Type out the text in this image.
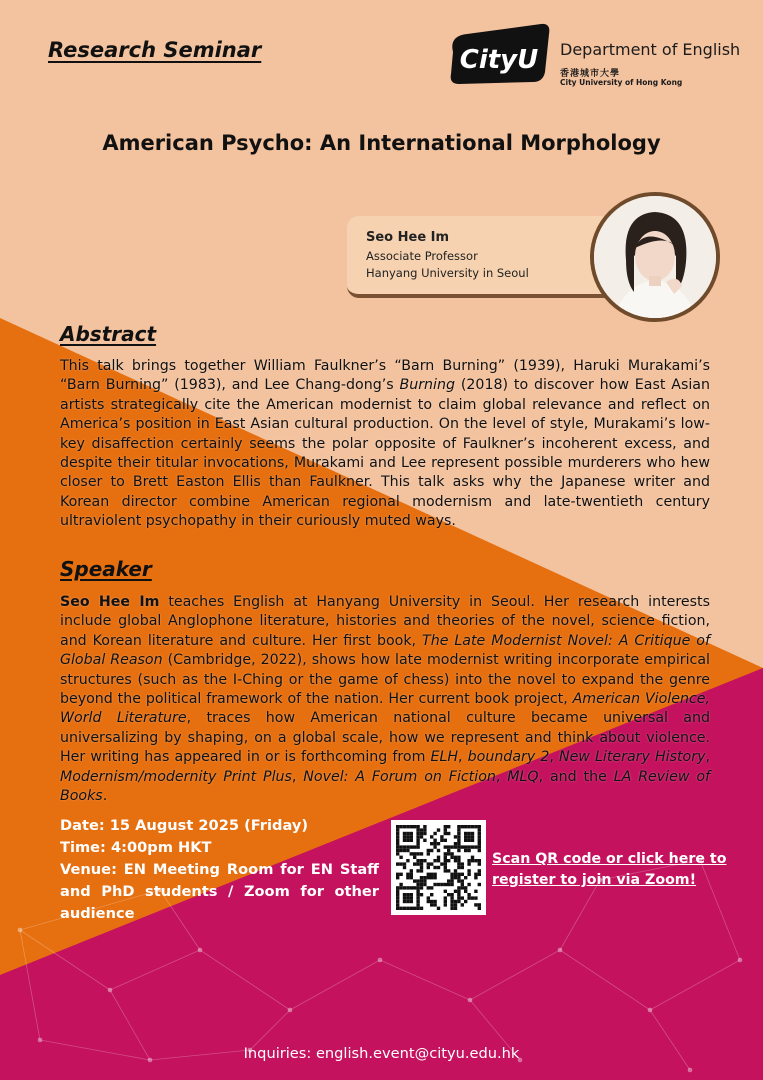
Research Seminar	CityU Department of English
香港城市大學
City University of Hong Kong
American Psycho: An International Morphology
Seo Hee Im
Associate Professor
Hanyang University in Seoul
Abstract
This talk brings together William Faulkner’s “Barn Burning” (1939), Haruki Murakami’s “Barn Burning” (1983), and Lee Chang-dong’s Burning (2018) to discover how East Asian artists strategically cite the American modernist to claim global relevance and reflect on America’s position in East Asian cultural production. On the level of style, Murakami’s low-key disaffection certainly seems the polar opposite of Faulkner’s incoherent excess, and despite their titular invocations, Murakami and Lee represent possible murderers who hew closer to Brett Easton Ellis than Faulkner. This talk asks why the Japanese writer and Korean director combine American regional modernism and late-twentieth century ultraviolent psychopathy in their curiously muted ways.
Speaker
Seo Hee Im teaches English at Hanyang University in Seoul. Her research interests include global Anglophone literature, histories and theories of the novel, science fiction, and Korean literature and culture. Her first book, The Late Modernist Novel: A Critique of Global Reason (Cambridge, 2022), shows how late modernist writing incorporate empirical structures (such as the I-Ching or the game of chess) into the novel to expand the genre beyond the political framework of the nation. Her current book project, American Violence, World Literature, traces how American national culture became universal and universalizing by shaping, on a global scale, how we represent and think about violence. Her writing has appeared in or is forthcoming from ELH, boundary 2, New Literary History, Modernism/modernity Print Plus, Novel: A Forum on Fiction, MLQ, and the LA Review of Books.
Date: 15 August 2025 (Friday)
Time: 4:00pm HKT
Venue: EN Meeting Room for EN Staff and PhD students / Zoom for other audience
Scan QR code or click here to register to join via Zoom!
Inquiries: english.event@cityu.edu.hk
